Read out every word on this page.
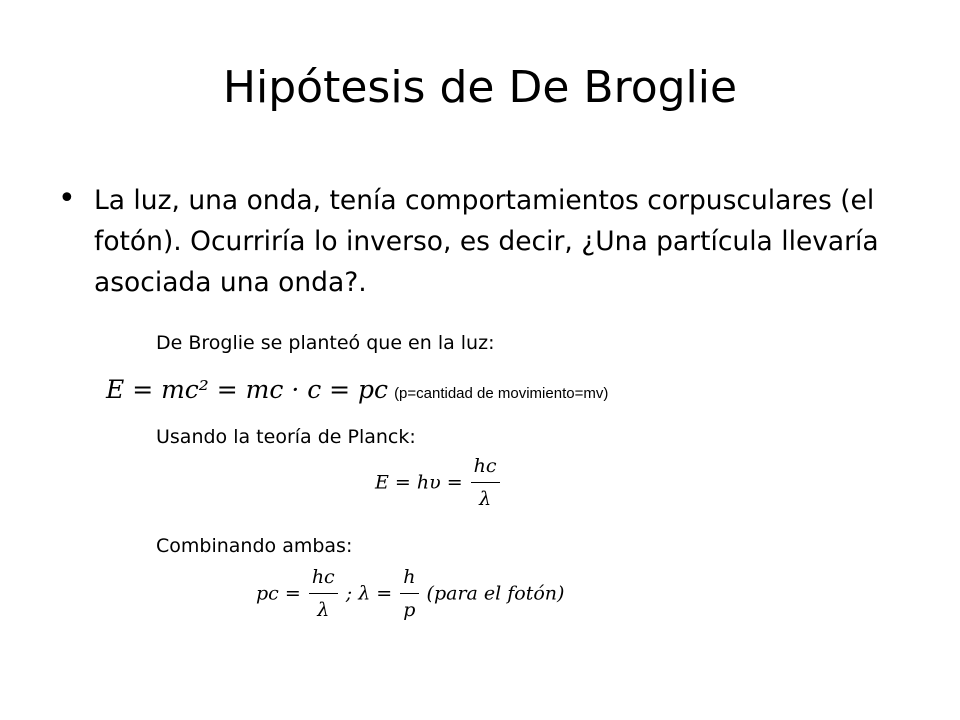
Hipótesis de De Broglie
• La luz, una onda, tenía comportamientos corpusculares (el fotón). Ocurriría lo inverso, es decir, ¿Una partícula llevaría asociada una onda?.
De Broglie se planteó que en la luz:
E = mc² = mc · c = pc (p=cantidad de movimiento=mv)
Usando la teoría de Planck:
$E = h\upsilon = \frac{hc}{\lambda}$
Combinando ambas:
pc = $\frac{hc}{\lambda}$ ; $\lambda = \frac{h}{p}$ (para el fotón)
